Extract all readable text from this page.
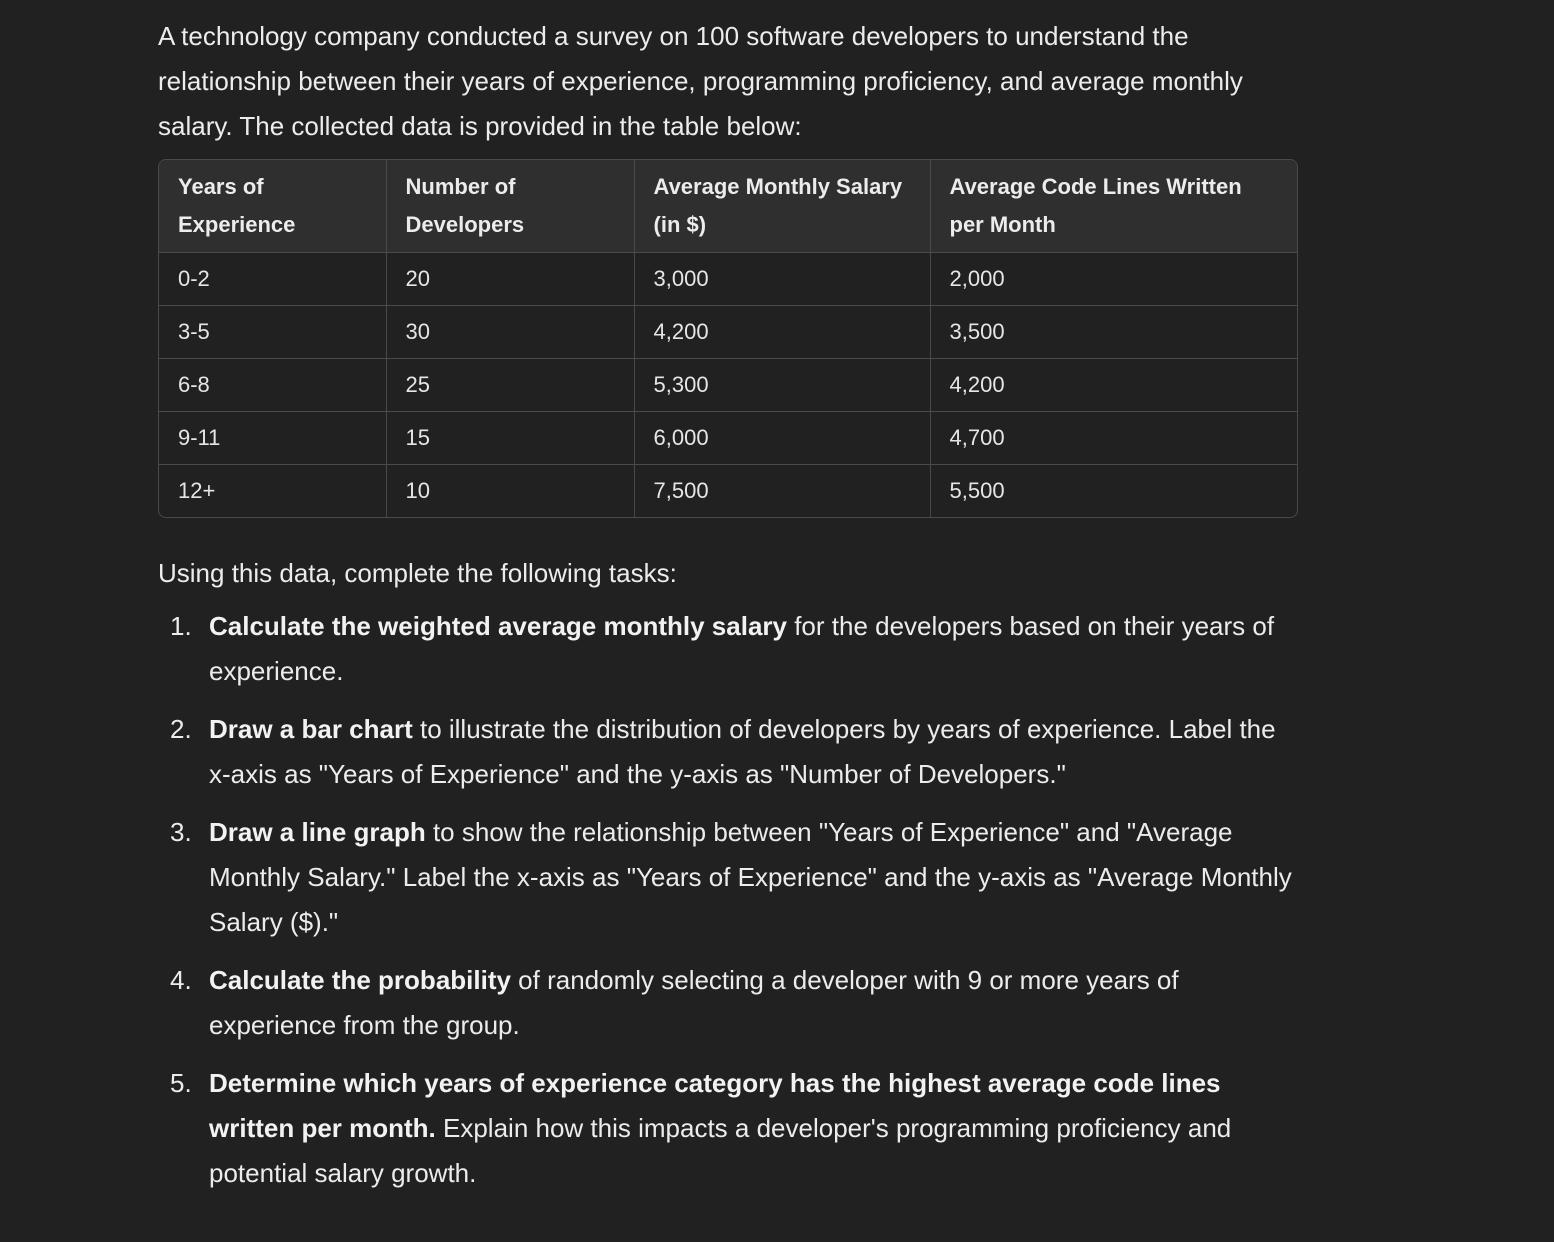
A technology company conducted a survey on 100 software developers to understand the relationship between their years of experience, programming proficiency, and average monthly salary. The collected data is provided in the table below:

Years of Experience	Number of Developers	Average Monthly Salary (in $)	Average Code Lines Written per Month
0-2	20	3,000	2,000
3-5	30	4,200	3,500
6-8	25	5,300	4,200
9-11	15	6,000	4,700
12+	10	7,500	5,500

Using this data, complete the following tasks:

1. Calculate the weighted average monthly salary for the developers based on their years of experience.
2. Draw a bar chart to illustrate the distribution of developers by years of experience. Label the x-axis as "Years of Experience" and the y-axis as "Number of Developers."
3. Draw a line graph to show the relationship between "Years of Experience" and "Average Monthly Salary." Label the x-axis as "Years of Experience" and the y-axis as "Average Monthly Salary ($)."
4. Calculate the probability of randomly selecting a developer with 9 or more years of experience from the group.
5. Determine which years of experience category has the highest average code lines written per month. Explain how this impacts a developer's programming proficiency and potential salary growth.
